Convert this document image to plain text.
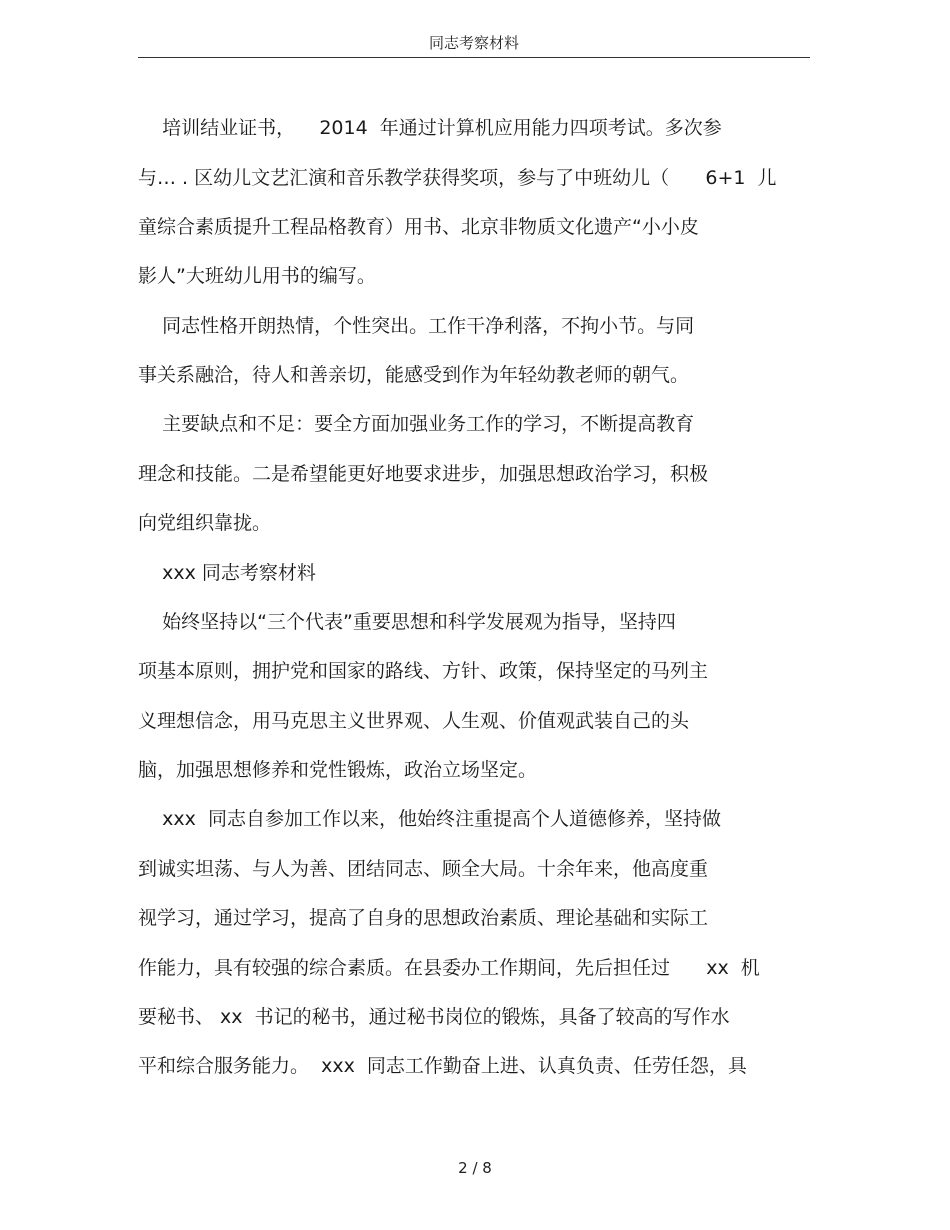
同志考察材料
培训结业证书，    2014  年通过计算机应用能力四项考试。多次参
与… . 区幼儿文艺汇演和音乐教学获得奖项，参与了中班幼儿（      6+1  儿
童综合素质提升工程品格教育）用书、北京非物质文化遗产“小小皮
影人”大班幼儿用书的编写。
同志性格开朗热情，个性突出。工作干净利落，不拘小节。与同
事关系融洽，待人和善亲切，能感受到作为年轻幼教老师的朝气。
主要缺点和不足：要全方面加强业务工作的学习，不断提高教育
理念和技能。二是希望能更好地要求进步，加强思想政治学习，积极
向党组织靠拢。
xxx 同志考察材料
始终坚持以“三个代表”重要思想和科学发展观为指导，坚持四
项基本原则，拥护党和国家的路线、方针、政策，保持坚定的马列主
义理想信念，用马克思主义世界观、人生观、价值观武装自己的头
脑，加强思想修养和党性锻炼，政治立场坚定。
xxx  同志自参加工作以来，他始终注重提高个人道德修养，坚持做
到诚实坦荡、与人为善、团结同志、顾全大局。十余年来，他高度重
视学习，通过学习，提高了自身的思想政治素质、理论基础和实际工
作能力，具有较强的综合素质。在县委办工作期间，先后担任过      xx  机
要秘书、 xx  书记的秘书，通过秘书岗位的锻炼，具备了较高的写作水
平和综合服务能力。  xxx  同志工作勤奋上进、认真负责、任劳任怨，具
2 / 8
